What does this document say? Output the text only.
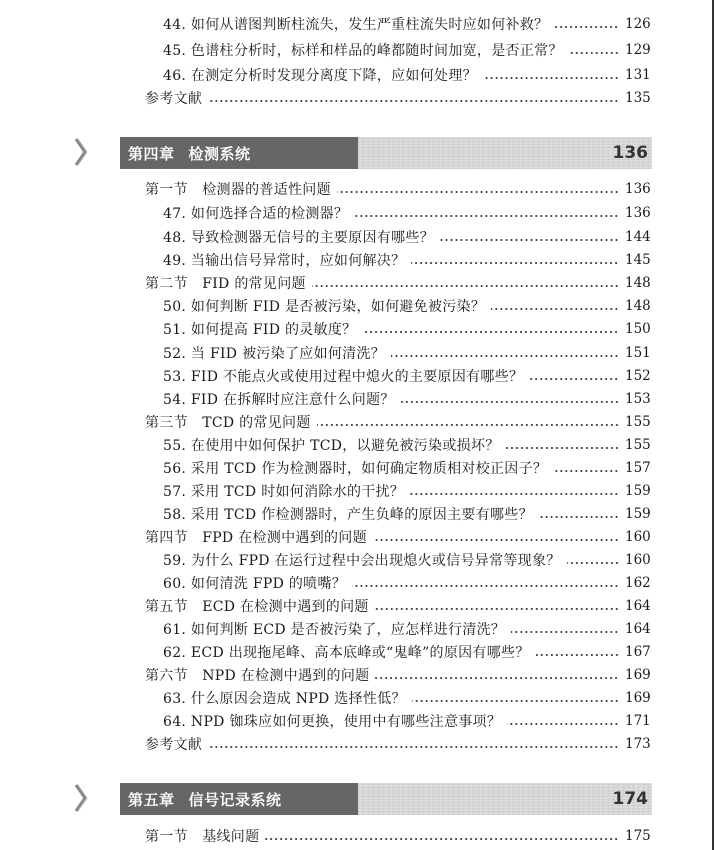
44. 如何从谱图判断柱流失，发生严重柱流失时应如何补救？	126
45. 色谱柱分析时，标样和样品的峰都随时间加宽，是否正常？	129
46. 在测定分析时发现分离度下降，应如何处理？	131
参考文献	135
第四章 检测系统	136
第一节　检测器的普适性问题	136
47. 如何选择合适的检测器？	136
48. 导致检测器无信号的主要原因有哪些？	144
49. 当输出信号异常时，应如何解决？	145
第二节　FID 的常见问题	148
50. 如何判断 FID 是否被污染，如何避免被污染？	148
51. 如何提高 FID 的灵敏度？	150
52. 当 FID 被污染了应如何清洗？	151
53. FID 不能点火或使用过程中熄火的主要原因有哪些？	152
54. FID 在拆解时应注意什么问题？	153
第三节　TCD 的常见问题	155
55. 在使用中如何保护 TCD，以避免被污染或损坏？	155
56. 采用 TCD 作为检测器时，如何确定物质相对校正因子？	157
57. 采用 TCD 时如何消除水的干扰？	159
58. 采用 TCD 作检测器时，产生负峰的原因主要有哪些？	159
第四节　FPD 在检测中遇到的问题	160
59. 为什么 FPD 在运行过程中会出现熄火或信号异常等现象？	160
60. 如何清洗 FPD 的喷嘴？	162
第五节　ECD 在检测中遇到的问题	164
61. 如何判断 ECD 是否被污染了，应怎样进行清洗？	164
62. ECD 出现拖尾峰、高本底峰或“鬼峰”的原因有哪些？	167
第六节　NPD 在检测中遇到的问题	169
63. 什么原因会造成 NPD 选择性低？	169
64. NPD 铷珠应如何更换，使用中有哪些注意事项？	171
参考文献	173
第五章 信号记录系统	174
第一节　基线问题	175
